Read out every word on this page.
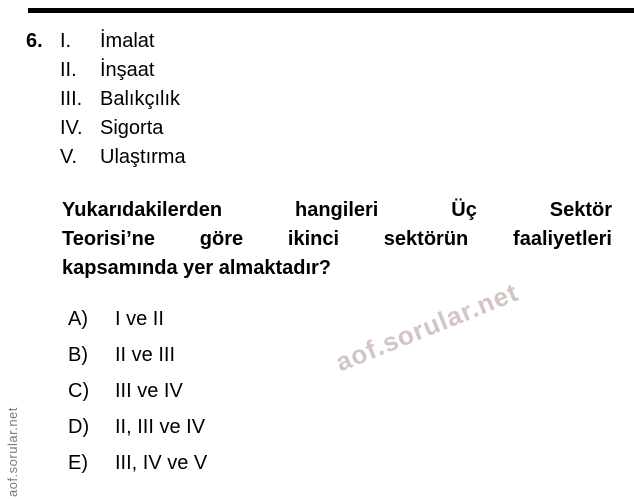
6. I.	İmalat
II.	İnşaat
III. Balıkçılık
IV. Sigorta
V.	Ulaştırma
Yukarıdakilerden hangileri Üç Sektör
Teorisi’ne göre ikinci sektörün faaliyetleri
kapsamında yer almaktadır?
A)	I ve II
B)	II ve III
C)	III ve IV
D)	II, III ve IV
E)	III, IV ve V
aof.sorular.net
aof.sorular.net
